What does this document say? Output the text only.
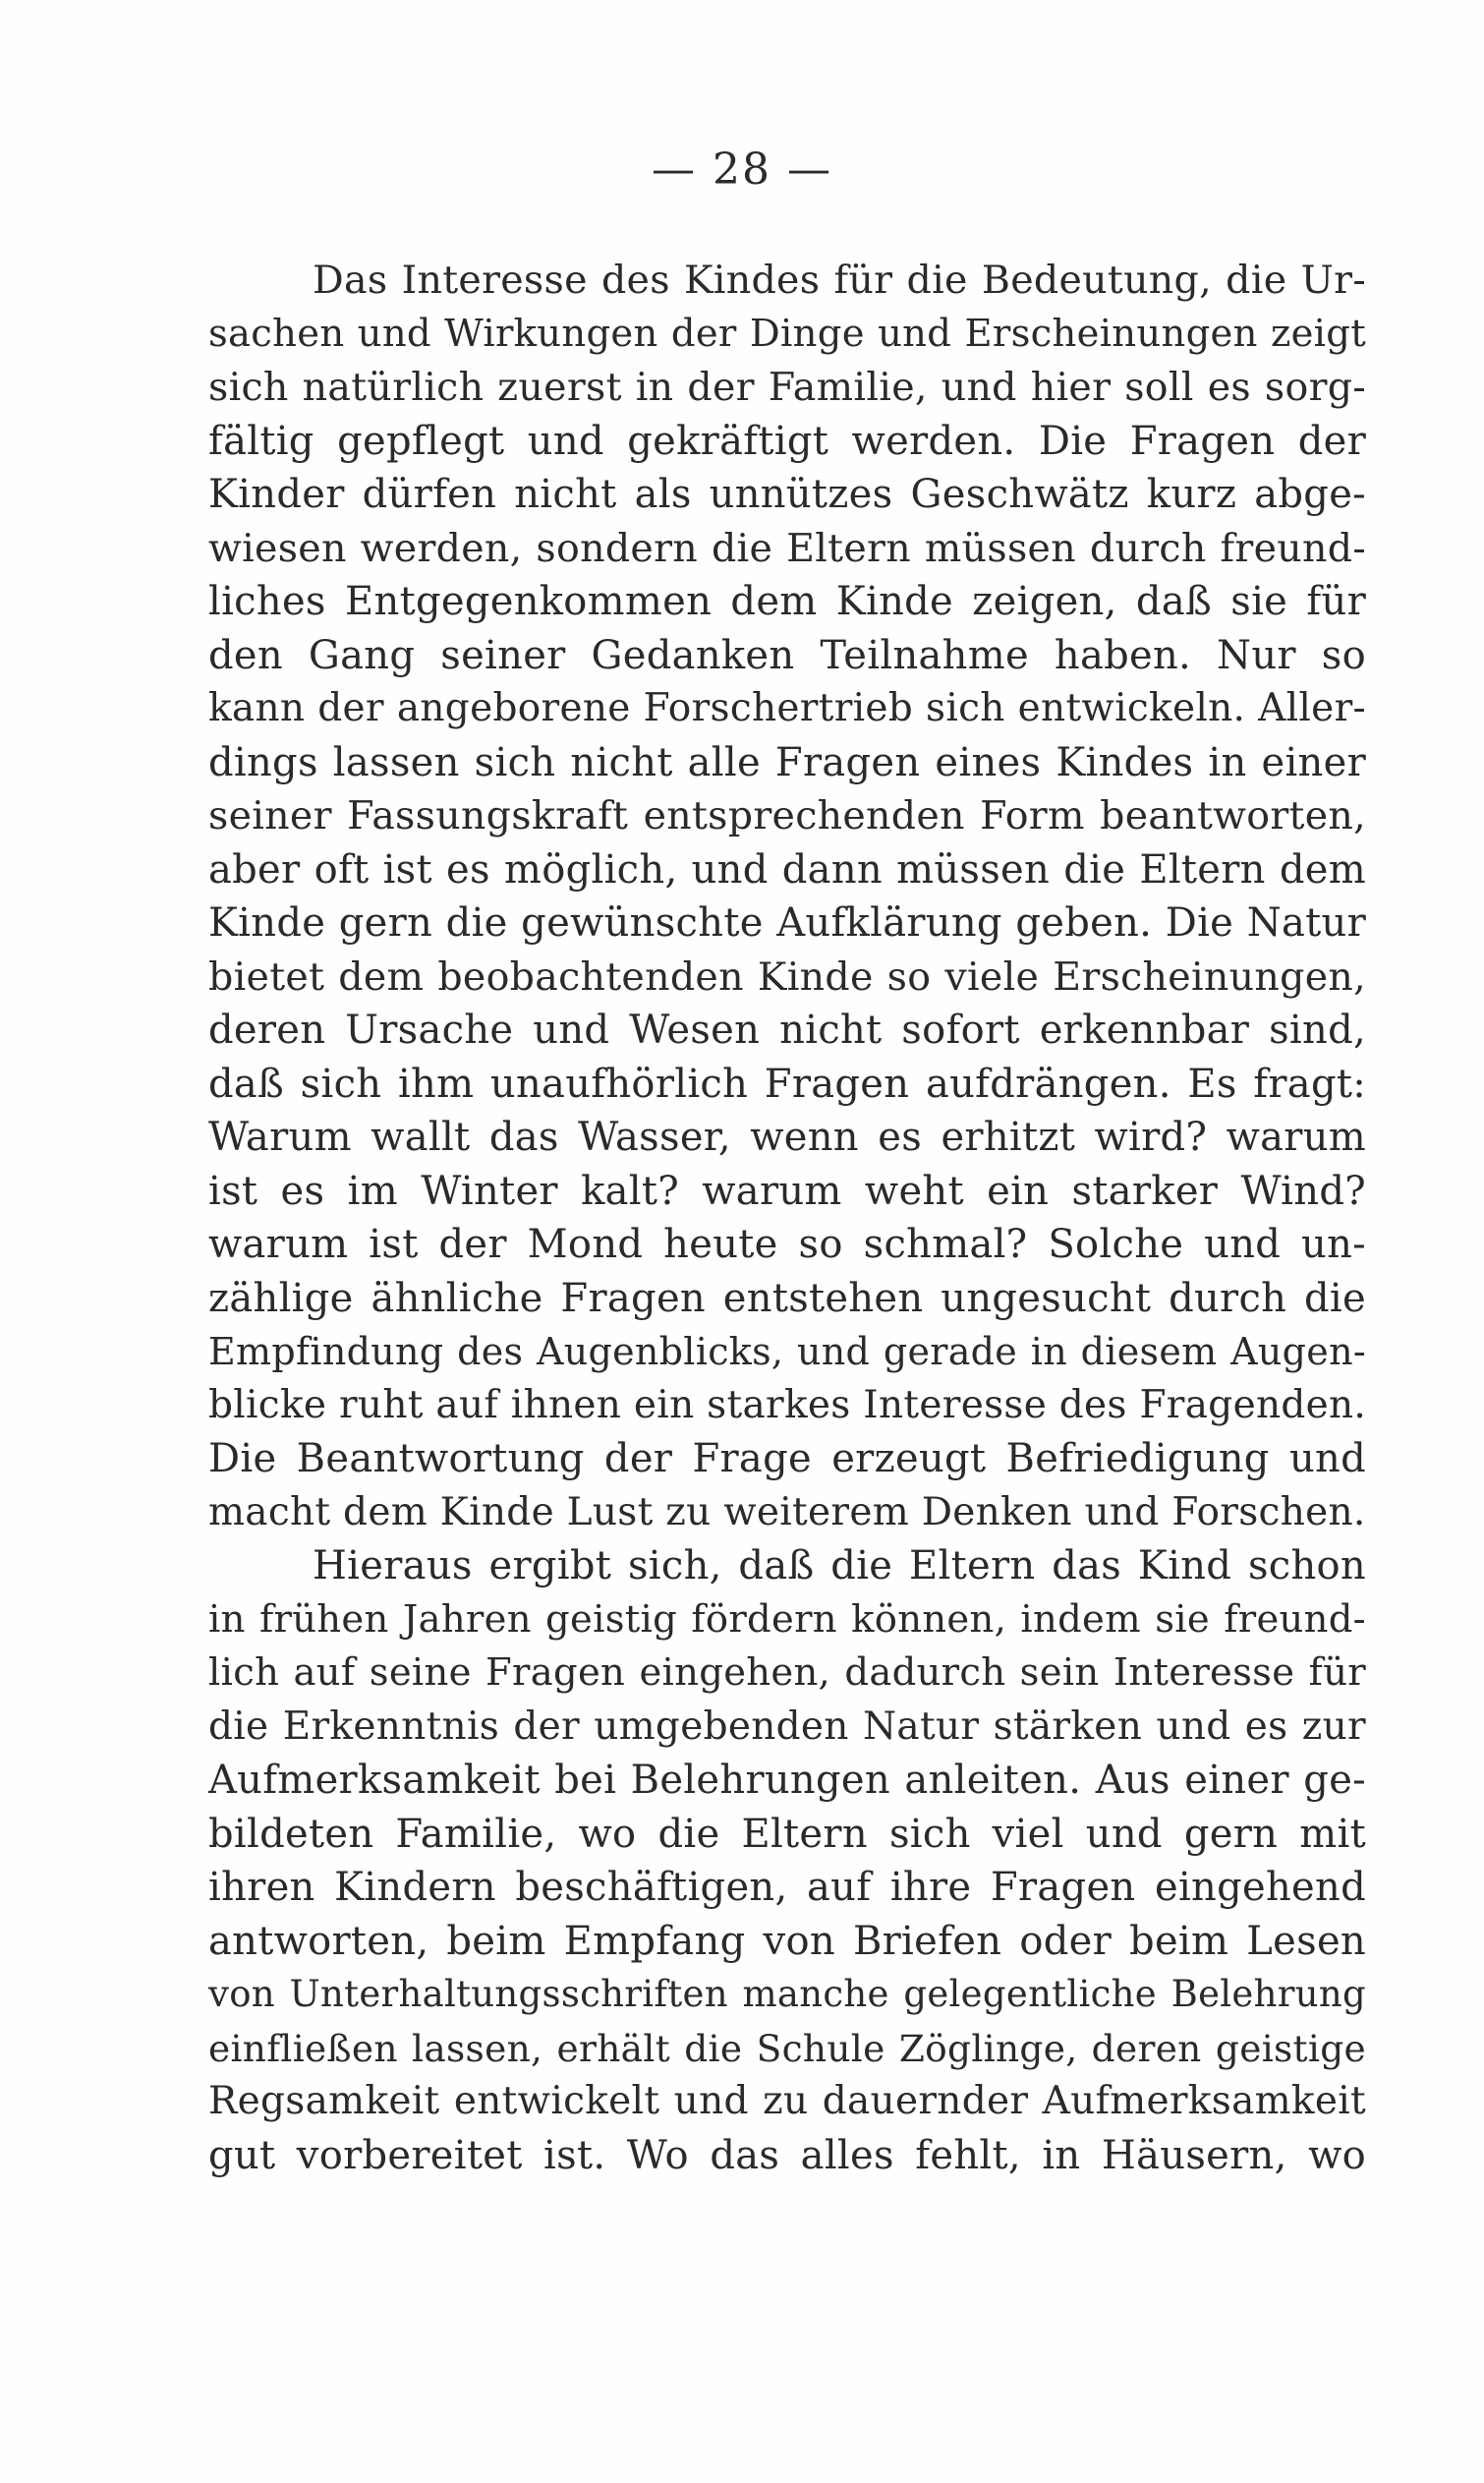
— 28 —
Das Interesse des Kindes für die Bedeutung, die Ur-
sachen und Wirkungen der Dinge und Erscheinungen zeigt
sich natürlich zuerst in der Familie, und hier soll es sorg-
fältig gepflegt und gekräftigt werden. Die Fragen der
Kinder dürfen nicht als unnützes Geschwätz kurz abge-
wiesen werden, sondern die Eltern müssen durch freund-
liches Entgegenkommen dem Kinde zeigen, daß sie für
den Gang seiner Gedanken Teilnahme haben. Nur so
kann der angeborene Forschertrieb sich entwickeln. Aller-
dings lassen sich nicht alle Fragen eines Kindes in einer
seiner Fassungskraft entsprechenden Form beantworten,
aber oft ist es möglich, und dann müssen die Eltern dem
Kinde gern die gewünschte Aufklärung geben. Die Natur
bietet dem beobachtenden Kinde so viele Erscheinungen,
deren Ursache und Wesen nicht sofort erkennbar sind,
daß sich ihm unaufhörlich Fragen aufdrängen. Es fragt:
Warum wallt das Wasser, wenn es erhitzt wird? warum
ist es im Winter kalt? warum weht ein starker Wind?
warum ist der Mond heute so schmal? Solche und un-
zählige ähnliche Fragen entstehen ungesucht durch die
Empfindung des Augenblicks, und gerade in diesem Augen-
blicke ruht auf ihnen ein starkes Interesse des Fragenden.
Die Beantwortung der Frage erzeugt Befriedigung und
macht dem Kinde Lust zu weiterem Denken und Forschen.
Hieraus ergibt sich, daß die Eltern das Kind schon
in frühen Jahren geistig fördern können, indem sie freund-
lich auf seine Fragen eingehen, dadurch sein Interesse für
die Erkenntnis der umgebenden Natur stärken und es zur
Aufmerksamkeit bei Belehrungen anleiten. Aus einer ge-
bildeten Familie, wo die Eltern sich viel und gern mit
ihren Kindern beschäftigen, auf ihre Fragen eingehend
antworten, beim Empfang von Briefen oder beim Lesen
von Unterhaltungsschriften manche gelegentliche Belehrung
einfließen lassen, erhält die Schule Zöglinge, deren geistige
Regsamkeit entwickelt und zu dauernder Aufmerksamkeit
gut vorbereitet ist. Wo das alles fehlt, in Häusern, wo
